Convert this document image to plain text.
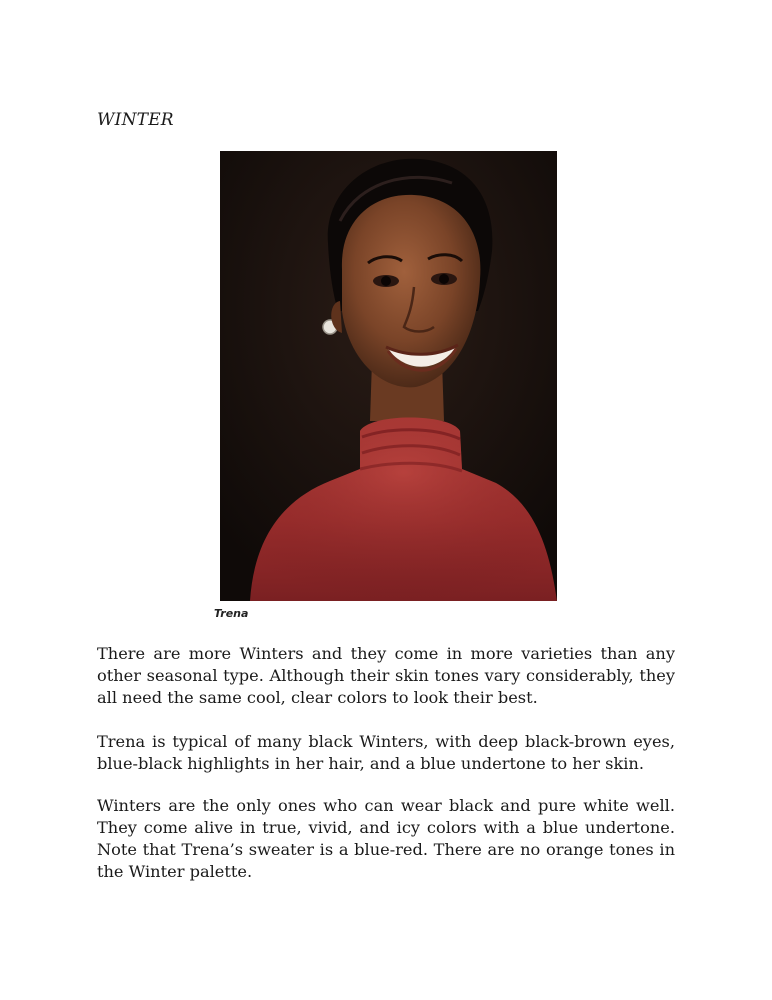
WINTER
Trena

There are more Winters and they come in more varieties than any other seasonal type. Although their skin tones vary considerably, they all need the same cool, clear colors to look their best.

Trena is typical of many black Winters, with deep black-brown eyes, blue-black highlights in her hair, and a blue undertone to her skin.

Winters are the only ones who can wear black and pure white well. They come alive in true, vivid, and icy colors with a blue undertone. Note that Trena’s sweater is a blue-red. There are no orange tones in the Winter palette.
